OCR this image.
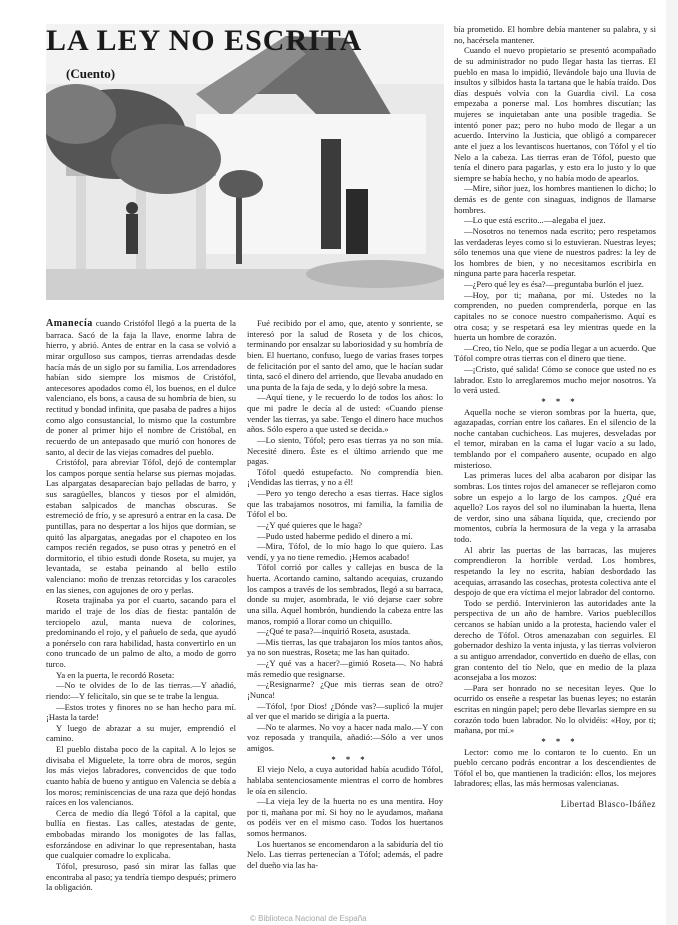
LA LEY NO ESCRITA
(Cuento)

Amanecía cuando Cristófol llegó a la puerta de la barraca. Sacó de la faja la llave, enorme labra de hierro, y abrió. Antes de entrar en la casa se volvió a mirar orgulloso sus campos, tierras arrendadas desde hacía más de un siglo por su familia. Los arrendadores habían sido siempre los mismos de Cristófol, antecesores apodados como él, los buenos, en el dulce valenciano, els bons, a causa de su hombría de bien, su rectitud y bondad infinita, que pasaba de padres a hijos como algo consustancial, lo mismo que la costumbre de poner al primer hijo el nombre de Cristóbal, en recuerdo de un antepasado que murió con honores de santo, al decir de las viejas comadres del pueblo.

Cristófol, para abreviar Tófol, dejó de contemplar los campos porque sentía helarse sus piernas mojadas. Las alpargatas desaparecían bajo pelladas de barro, y sus saragüelles, blancos y tiesos por el almidón, estaban salpicados de manchas obscuras. Se estremeció de frío, y se apresuró a entrar en la casa. De puntillas, para no despertar a los hijos que dormían, se quitó las alpargatas, anegadas por el chapoteo en los campos recién regados, se puso otras y penetró en el dormitorio, el tibio estudi donde Roseta, su mujer, ya levantada, se estaba peinando al bello estilo valenciano: moño de trenzas retorcidas y los caracoles en las sienes, con agujones de oro y perlas.

Roseta trajinaba ya por el cuarto, sacando para el marido el traje de los días de fiesta: pantalón de terciopelo azul, manta nueva de colorines, predominando el rojo, y el pañuelo de seda, que ayudó a ponérselo con rara habilidad, hasta convertirlo en un cono truncado de un palmo de alto, a modo de gorro turco.

Ya en la puerta, le recordó Roseta:

—No te olvides de lo de las tierras.—Y añadió, riendo:—Y felicítalo, sin que se te trabe la lengua.

—Estos trotes y finores no se han hecho para mí. ¡Hasta la tarde!

Y luego de abrazar a su mujer, emprendió el camino.

El pueblo distaba poco de la capital. A lo lejos se divisaba el Miguelete, la torre obra de moros, según los más viejos labradores, convencidos de que todo cuanto había de bueno y antiguo en Valencia se debía a los moros; reminiscencias de una raza que dejó hondas raíces en los valencianos.

Cerca de medio día llegó Tófol a la capital, que bullía en fiestas. Las calles, atestadas de gente, embobadas mirando los monigotes de las fallas, esforzándose en adivinar lo que representaban, hasta que cualquier comadre lo explicaba.

Tófol, presuroso, pasó sin mirar las fallas que encontraba al paso; ya tendría tiempo después; primero la obligación.

Fué recibido por el amo, que, atento y sonriente, se interesó por la salud de Roseta y de los chicos, terminando por ensalzar su laboriosidad y su hombría de bien. El huertano, confuso, luego de varias frases torpes de felicitación por el santo del amo, que le hacían sudar tinta, sacó el dinero del arriendo, que llevaba anudado en una punta de la faja de seda, y lo dejó sobre la mesa.

—Aquí tiene, y le recuerdo lo de todos los años: lo que mi padre le decía al de usted: «Cuando piense vender las tierras, ya sabe. Tengo el dinero hace muchos años. Sólo espero a que usted se decida.»

—Lo siento, Tófol; pero esas tierras ya no son mía. Necesité dinero. Éste es el último arriendo que me pagas.

Tófol quedó estupefacto. No comprendía bien. ¡Vendidas las tierras, y no a él!

—Pero yo tengo derecho a esas tierras. Hace siglos que las trabajamos nosotros, mi familia, la familia de Tófol el bo.

—¿Y qué quieres que le haga?

—Pudo usted haberme pedido el dinero a mí.

—Mira, Tófol, de lo mío hago lo que quiero. Las vendí, y ya no tiene remedio. ¡Hemos acabado!

Tófol corrió por calles y callejas en busca de la huerta. Acortando camino, saltando acequias, cruzando los campos a través de los sembrados, llegó a su barraca, donde su mujer, asombrada, le vió dejarse caer sobre una silla. Aquel hombrón, hundiendo la cabeza entre las manos, rompió a llorar como un chiquillo.

—¿Qué te pasa?—inquirió Roseta, asustada.

—Mis tierras, las que trabajaron los míos tantos años, ya no son nuestras, Roseta; me las han quitado.

—¿Y qué vas a hacer?—gimió Roseta—. No habrá más remedio que resignarse.

—¿Resignarme? ¿Que mis tierras sean de otro? ¡Nunca!

—Tófol, !por Dios! ¿Dónde vas?—suplicó la mujer al ver que el marido se dirigía a la puerta.

—No te alarmes. No voy a hacer nada malo.—Y con voz reposada y tranquila, añadió:—Sólo a ver unos amigos.

* * *

El viejo Nelo, a cuya autoridad había acudido Tófol, hablaba sentenciosamente mientras el corro de hombres le oía en silencio.

—La vieja ley de la huerta no es una mentira. Hoy por ti, mañana por mí. Si hoy no le ayudamos, mañana os podéis ver en el mismo caso. Todos los huertanos somos hermanos.

Los huertanos se encomendaron a la sabiduría del tío Nelo. Las tierras pertenecían a Tófol; además, el padre del dueño via las ha-

bía prometido. El hombre debía mantener su palabra, y si no, hacérsela mantener.

Cuando el nuevo propietario se presentó acompañado de su administrador no pudo llegar hasta las tierras. El pueblo en masa lo impidió, llevándole bajo una lluvia de insultos y silbidos hasta la tartana que le había traído. Dos días después volvía con la Guardia civil. La cosa empezaba a ponerse mal. Los hombres discutían; las mujeres se inquietaban ante una posible tragedia. Se intentó poner paz; pero no hubo modo de llegar a un acuerdo. Intervino la Justicia, que obligó a comparecer ante el juez a los levantiscos huertanos, con Tófol y el tío Nelo a la cabeza. Las tierras eran de Tófol, puesto que tenía el dinero para pagarlas, y esto era lo justo y lo que siempre se había hecho, y no había modo de apearlos.

—Mire, siñor juez, los hombres mantienen lo dicho; lo demás es de gente con sinaguas, indignos de llamarse hombres.

—Lo que está escrito...—alegaba el juez.

—Nosotros no tenemos nada escrito; pero respetamos las verdaderas leyes como si lo estuvieran. Nuestras leyes; sólo tenemos una que viene de nuestros padres: la ley de los hombres de bien, y no necesitamos escribirla en ninguna parte para hacerla respetar.

—¿Pero qué ley es ésa?—preguntaba burlón el juez.

—Hoy, por ti; mañana, por mí. Ustedes no la comprenden, no pueden comprenderla, porque en las capitales no se conoce nuestro compañerismo. Aquí es otra cosa; y se respetará esa ley mientras quede en la huerta un hombre de corazón.

—Creo, tío Nelo, que se podía llegar a un acuerdo. Que Tófol compre otras tierras con el dinero que tiene.

—¡Cristo, qué salida! Cómo se conoce que usted no es labrador. Esto lo arreglaremos mucho mejor nosotros. Ya lo verá usted.

* * *

Aquella noche se vieron sombras por la huerta, que, agazapadas, corrían entre los cañares. En el silencio de la noche cantaban cuchicheos. Las mujeres, desveladas por el temor, miraban en la cama el lugar vacío a su lado, temblando por el compañero ausente, ocupado en algo misterioso.

Las primeras luces del alba acabaron por disipar las sombras. Los tintes rojos del amanecer se reflejaron como sobre un espejo a lo largo de los campos. ¿Qué era aquello? Los rayos del sol no iluminaban la huerta, llena de verdor, sino una sábana líquida, que, creciendo por momentos, cubría la hermosura de la vega y la arrasaba todo.

Al abrir las puertas de las barracas, las mujeres comprendieron la horrible verdad. Los hombres, respetando la ley no escrita, habían desbordado las acequias, arrasando las cosechas, protesta colectiva ante el despojo de que era víctima el mejor labrador del contorno.

Todo se perdió. Intervinieron las autoridades ante la perspectiva de un año de hambre. Varios pueblecillos cercanos se habían unido a la protesta, haciendo valer el derecho de Tófol. Otros amenazaban con seguirles. El gobernador deshizo la venta injusta, y las tierras volvieron a su antiguo arrendador, convertido en dueño de ellas, con gran contento del tío Nelo, que en medio de la plaza aconsejaba a los mozos:

—Para ser honrado no se necesitan leyes. Que lo ocurrido os enseñe a respetar las buenas leyes; no estarán escritas en ningún papel; pero debe llevarlas siempre en su corazón todo buen labrador. No lo olvidéis: «Hoy, por ti; mañana, por mí.»

* * *

Lector: como me lo contaron te lo cuento. En un pueblo cercano podrás encontrar a los descendientes de Tófol el bo, que mantienen la tradición: ellos, los mejores labradores; ellas, las más hermosas valencianas.

Libertad Blasco-Ibáñez
© Biblioteca Nacional de España
